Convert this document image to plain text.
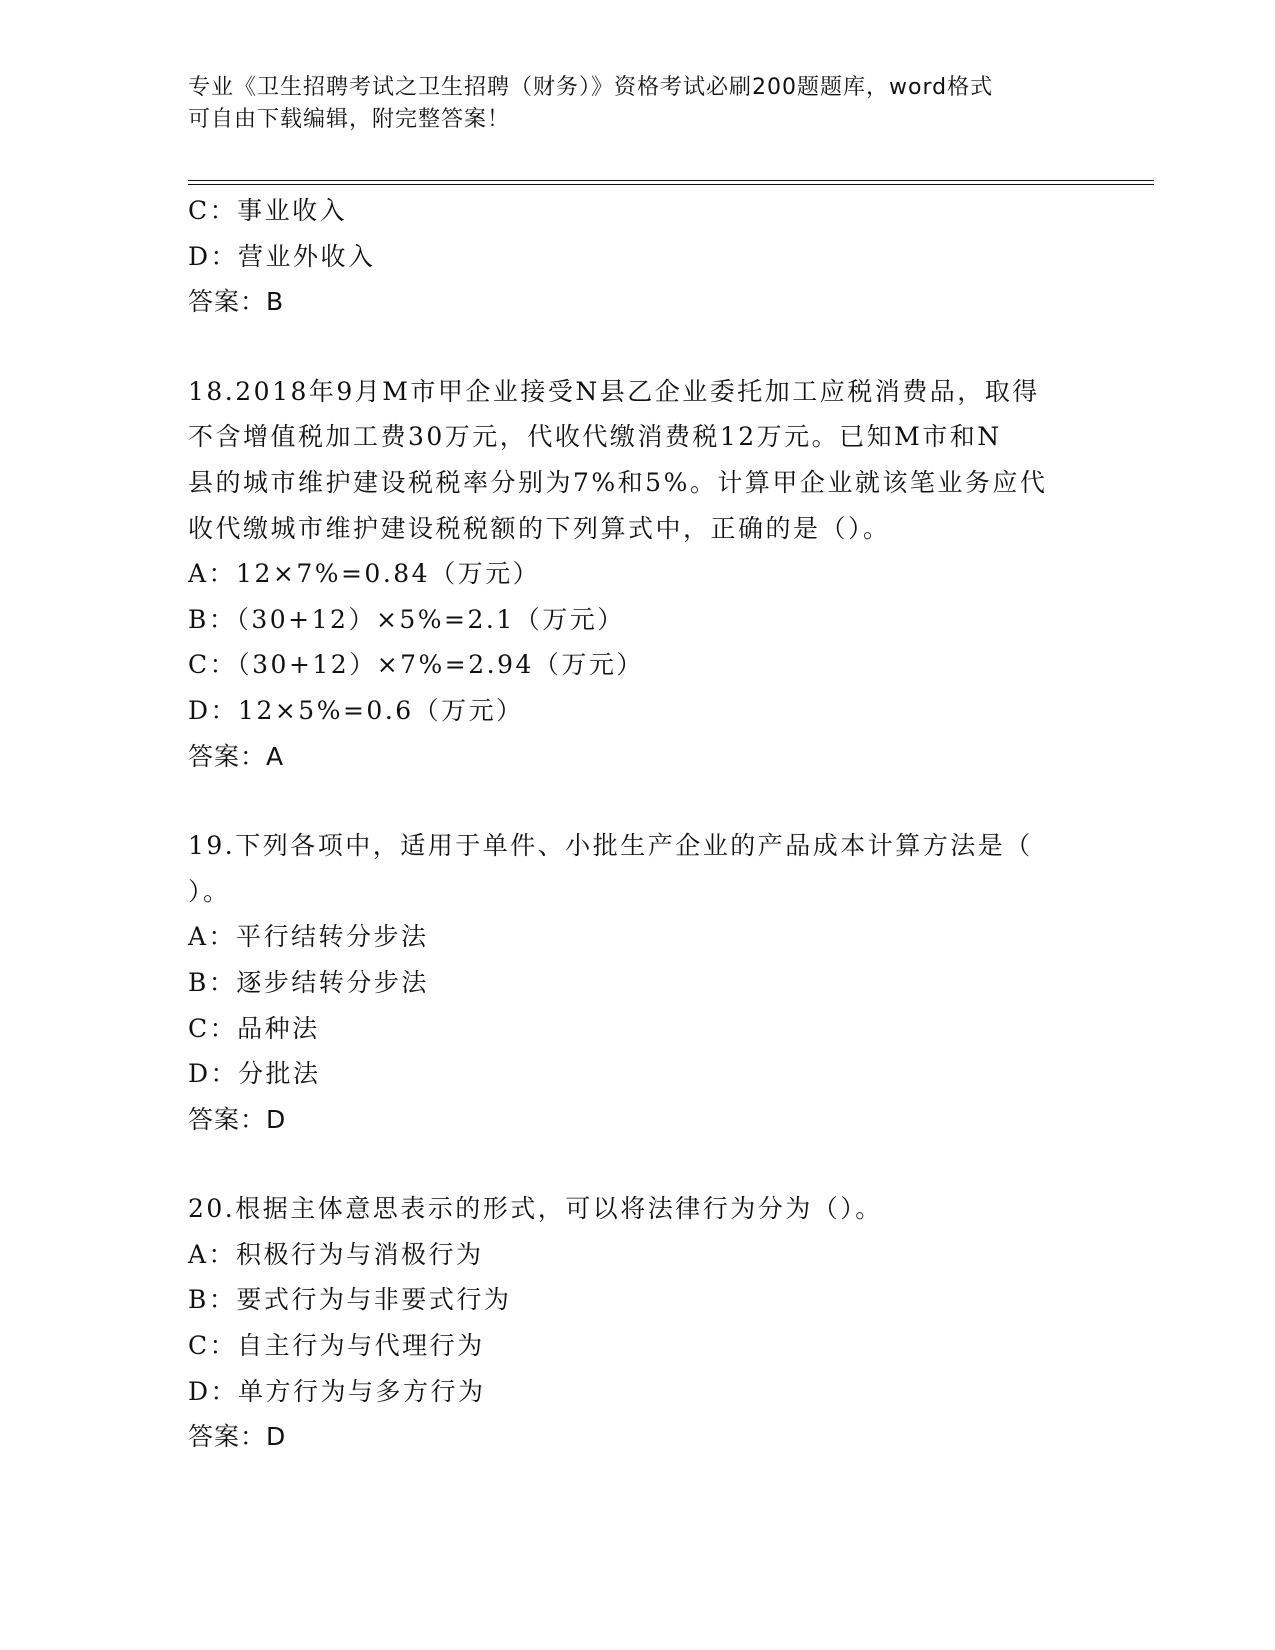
专业《卫生招聘考试之卫生招聘（财务）》资格考试必刷200题题库，word格式
可自由下载编辑，附完整答案！
C：事业收入
D：营业外收入
答案：B
18.2018年9月M市甲企业接受N县乙企业委托加工应税消费品，取得
不含增值税加工费30万元，代收代缴消费税12万元。已知M市和N
县的城市维护建设税税率分别为7%和5%。计算甲企业就该笔业务应代
收代缴城市维护建设税税额的下列算式中，正确的是（）。
A：12×7%=0.84（万元）
B：（30+12）×5%=2.1（万元）
C：（30+12）×7%=2.94（万元）
D：12×5%=0.6（万元）
答案：A
19.下列各项中，适用于单件、小批生产企业的产品成本计算方法是（
）。
A：平行结转分步法
B：逐步结转分步法
C：品种法
D：分批法
答案：D
20.根据主体意思表示的形式，可以将法律行为分为（）。
A：积极行为与消极行为
B：要式行为与非要式行为
C：自主行为与代理行为
D：单方行为与多方行为
答案：D
